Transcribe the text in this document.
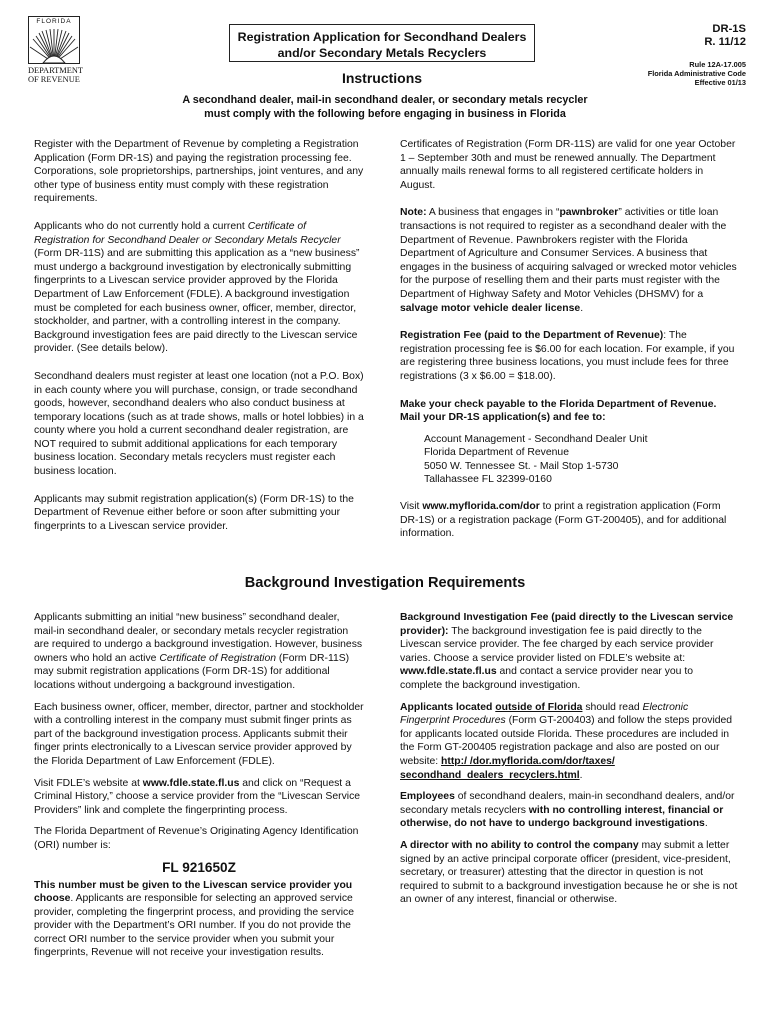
FLORIDA
DEPARTMENT
OF REVENUE
Registration Application for Secondhand Dealers
and/or Secondary Metals Recyclers
Instructions
DR-1S
R. 11/12
Rule 12A-17.005
Florida Administrative Code
Effective 01/13
A secondhand dealer, mail-in secondhand dealer, or secondary metals recycler
must comply with the following before engaging in business in Florida

Register with the Department of Revenue by completing a Registration Application (Form DR-1S) and paying the registration processing fee. Corporations, sole proprietorships, partnerships, joint ventures, and any other type of business entity must comply with these registration requirements.

Applicants who do not currently hold a current Certificate of Registration for Secondhand Dealer or Secondary Metals Recycler (Form DR-11S) and are submitting this application as a “new business” must undergo a background investigation by electronically submitting fingerprints to a Livescan service provider approved by the Florida Department of Law Enforcement (FDLE). A background investigation must be completed for each business owner, officer, member, director, stockholder, and partner, with a controlling interest in the company. Background investigation fees are paid directly to the Livescan service provider. (See details below).

Secondhand dealers must register at least one location (not a P.O. Box) in each county where you will purchase, consign, or trade secondhand goods, however, secondhand dealers who also conduct business at temporary locations (such as at trade shows, malls or hotel lobbies) in a county where you hold a current secondhand dealer registration, are NOT required to submit additional applications for each temporary business location. Secondary metals recyclers must register each business location.

Applicants may submit registration application(s) (Form DR-1S) to the Department of Revenue either before or soon after submitting your fingerprints to a Livescan service provider.

Certificates of Registration (Form DR-11S) are valid for one year October 1 – September 30th and must be renewed annually. The Department annually mails renewal forms to all registered certificate holders in August.

Note: A business that engages in “pawnbroker” activities or title loan transactions is not required to register as a secondhand dealer with the Department of Revenue. Pawnbrokers register with the Florida Department of Agriculture and Consumer Services. A business that engages in the business of acquiring salvaged or wrecked motor vehicles for the purpose of reselling them and their parts must register with the Department of Highway Safety and Motor Vehicles (DHSMV) for a salvage motor vehicle dealer license.

Registration Fee (paid to the Department of Revenue): The registration processing fee is $6.00 for each location. For example, if you are registering three business locations, you must include fees for three registrations (3 x $6.00 = $18.00).

Make your check payable to the Florida Department of Revenue.
Mail your DR-1S application(s) and fee to:

Account Management - Secondhand Dealer Unit
Florida Department of Revenue
5050 W. Tennessee St. - Mail Stop 1-5730
Tallahassee FL 32399-0160

Visit www.myflorida.com/dor to print a registration application (Form DR-1S) or a registration package (Form GT-200405), and for additional information.

Background Investigation Requirements

Applicants submitting an initial “new business” secondhand dealer, mail-in secondhand dealer, or secondary metals recycler registration are required to undergo a background investigation. However, business owners who hold an active Certificate of Registration (Form DR-11S) may submit registration applications (Form DR-1S) for additional locations without undergoing a background investigation.

Each business owner, officer, member, director, partner and stockholder with a controlling interest in the company must submit finger prints as part of the background investigation process. Applicants submit their finger prints electronically to a Livescan service provider approved by the Florida Department of Law Enforcement (FDLE).

Visit FDLE’s website at www.fdle.state.fl.us and click on “Request a Criminal History,” choose a service provider from the “Livescan Service Providers” link and complete the fingerprinting process.

The Florida Department of Revenue’s Originating Agency Identification (ORI) number is:

FL 921650Z

This number must be given to the Livescan service provider you choose. Applicants are responsible for selecting an approved service provider, completing the fingerprint process, and providing the service provider with the Department’s ORI number. If you do not provide the correct ORI number to the service provider when you submit your fingerprints, Revenue will not receive your investigation results.

Background Investigation Fee (paid directly to the Livescan service provider): The background investigation fee is paid directly to the Livescan service provider. The fee charged by each service provider varies. Choose a service provider listed on FDLE’s website at: www.fdle.state.fl.us and contact a service provider near you to complete the background investigation.

Applicants located outside of Florida should read Electronic Fingerprint Procedures (Form GT-200403) and follow the steps provided for applicants located outside Florida. These procedures are included in the Form GT-200405 registration package and also are posted on our website: http:/ /dor.myflorida.com/dor/taxes/ secondhand_dealers_recyclers.html.

Employees of secondhand dealers, main-in secondhand dealers, and/or secondary metals recyclers with no controlling interest, financial or otherwise, do not have to undergo background investigations.

A director with no ability to control the company may submit a letter signed by an active principal corporate officer (president, vice-president, secretary, or treasurer) attesting that the director in question is not required to submit to a background investigation because he or she is not an owner of any interest, financial or otherwise.
